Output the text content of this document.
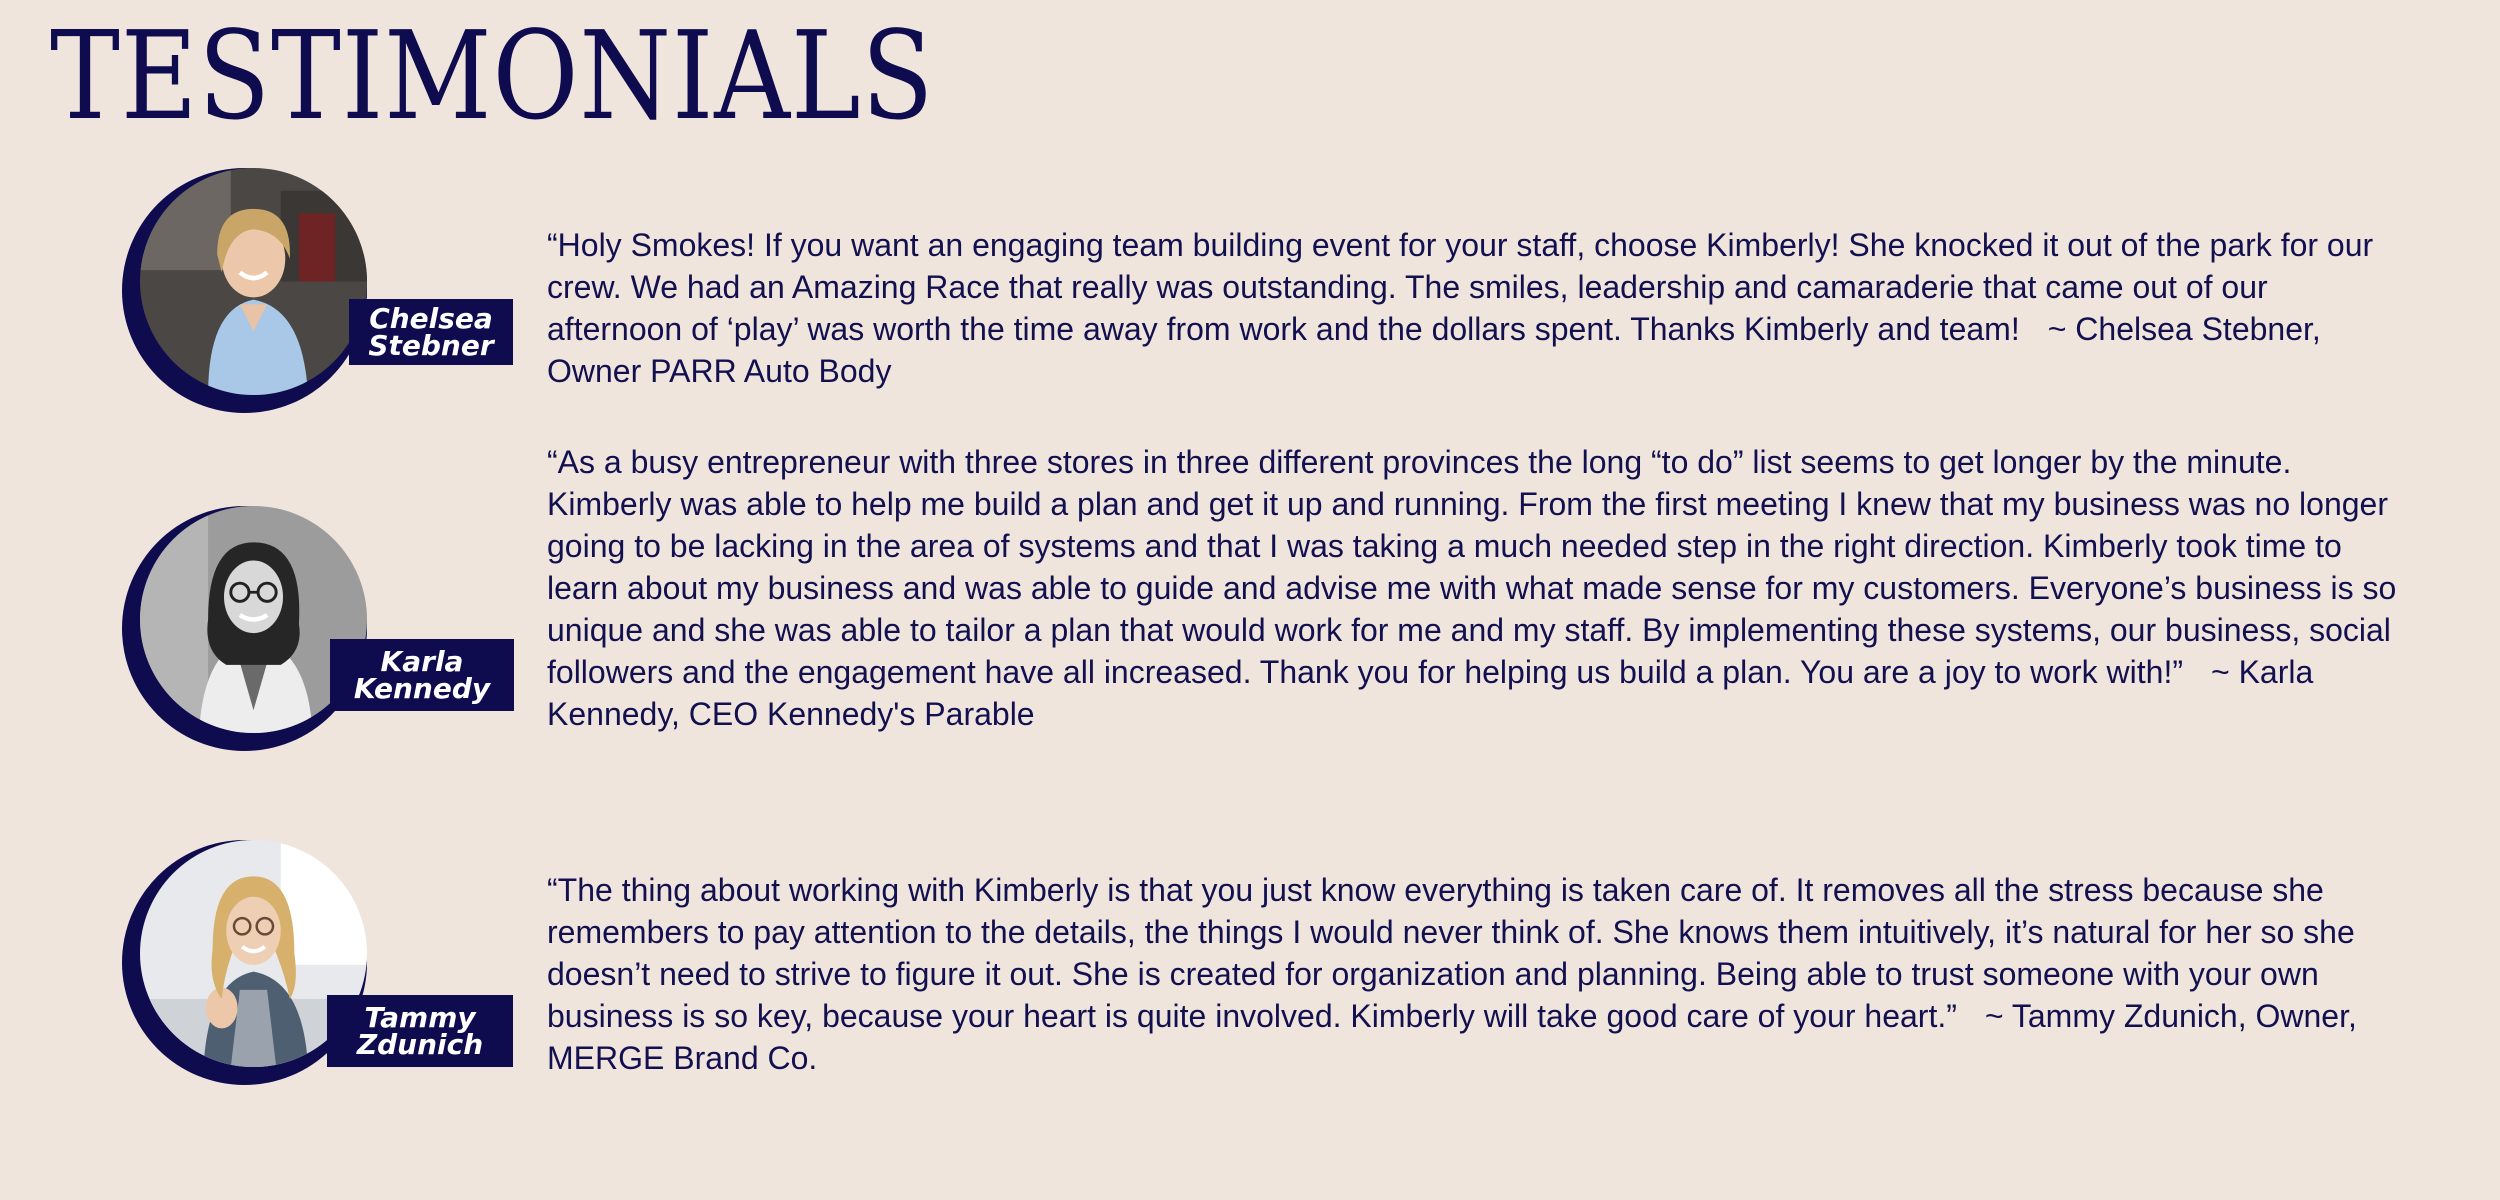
TESTIMONIALS
Chelsea
Stebner

“Holy Smokes! If you want an engaging team building event for your staff, choose Kimberly! She knocked it out of the park for our crew. We had an Amazing Race that really was outstanding. The smiles, leadership and camaraderie that came out of our afternoon of ‘play’ was worth the time away from work and the dollars spent. Thanks Kimberly and team! ~ Chelsea Stebner, Owner PARR Auto Body

Karla
Kennedy

“As a busy entrepreneur with three stores in three different provinces the long “to do” list seems to get longer by the minute. Kimberly was able to help me build a plan and get it up and running. From the first meeting I knew that my business was no longer going to be lacking in the area of systems and that I was taking a much needed step in the right direction. Kimberly took time to learn about my business and was able to guide and advise me with what made sense for my customers. Everyone’s business is so unique and she was able to tailor a plan that would work for me and my staff. By implementing these systems, our business, social followers and the engagement have all increased. Thank you for helping us build a plan. You are a joy to work with!” ~ Karla Kennedy, CEO Kennedy's Parable

Tammy
Zdunich

“The thing about working with Kimberly is that you just know everything is taken care of. It removes all the stress because she remembers to pay attention to the details, the things I would never think of. She knows them intuitively, it’s natural for her so she doesn’t need to strive to figure it out. She is created for organization and planning. Being able to trust someone with your own business is so key, because your heart is quite involved. Kimberly will take good care of your heart.” ~ Tammy Zdunich, Owner, MERGE Brand Co.
